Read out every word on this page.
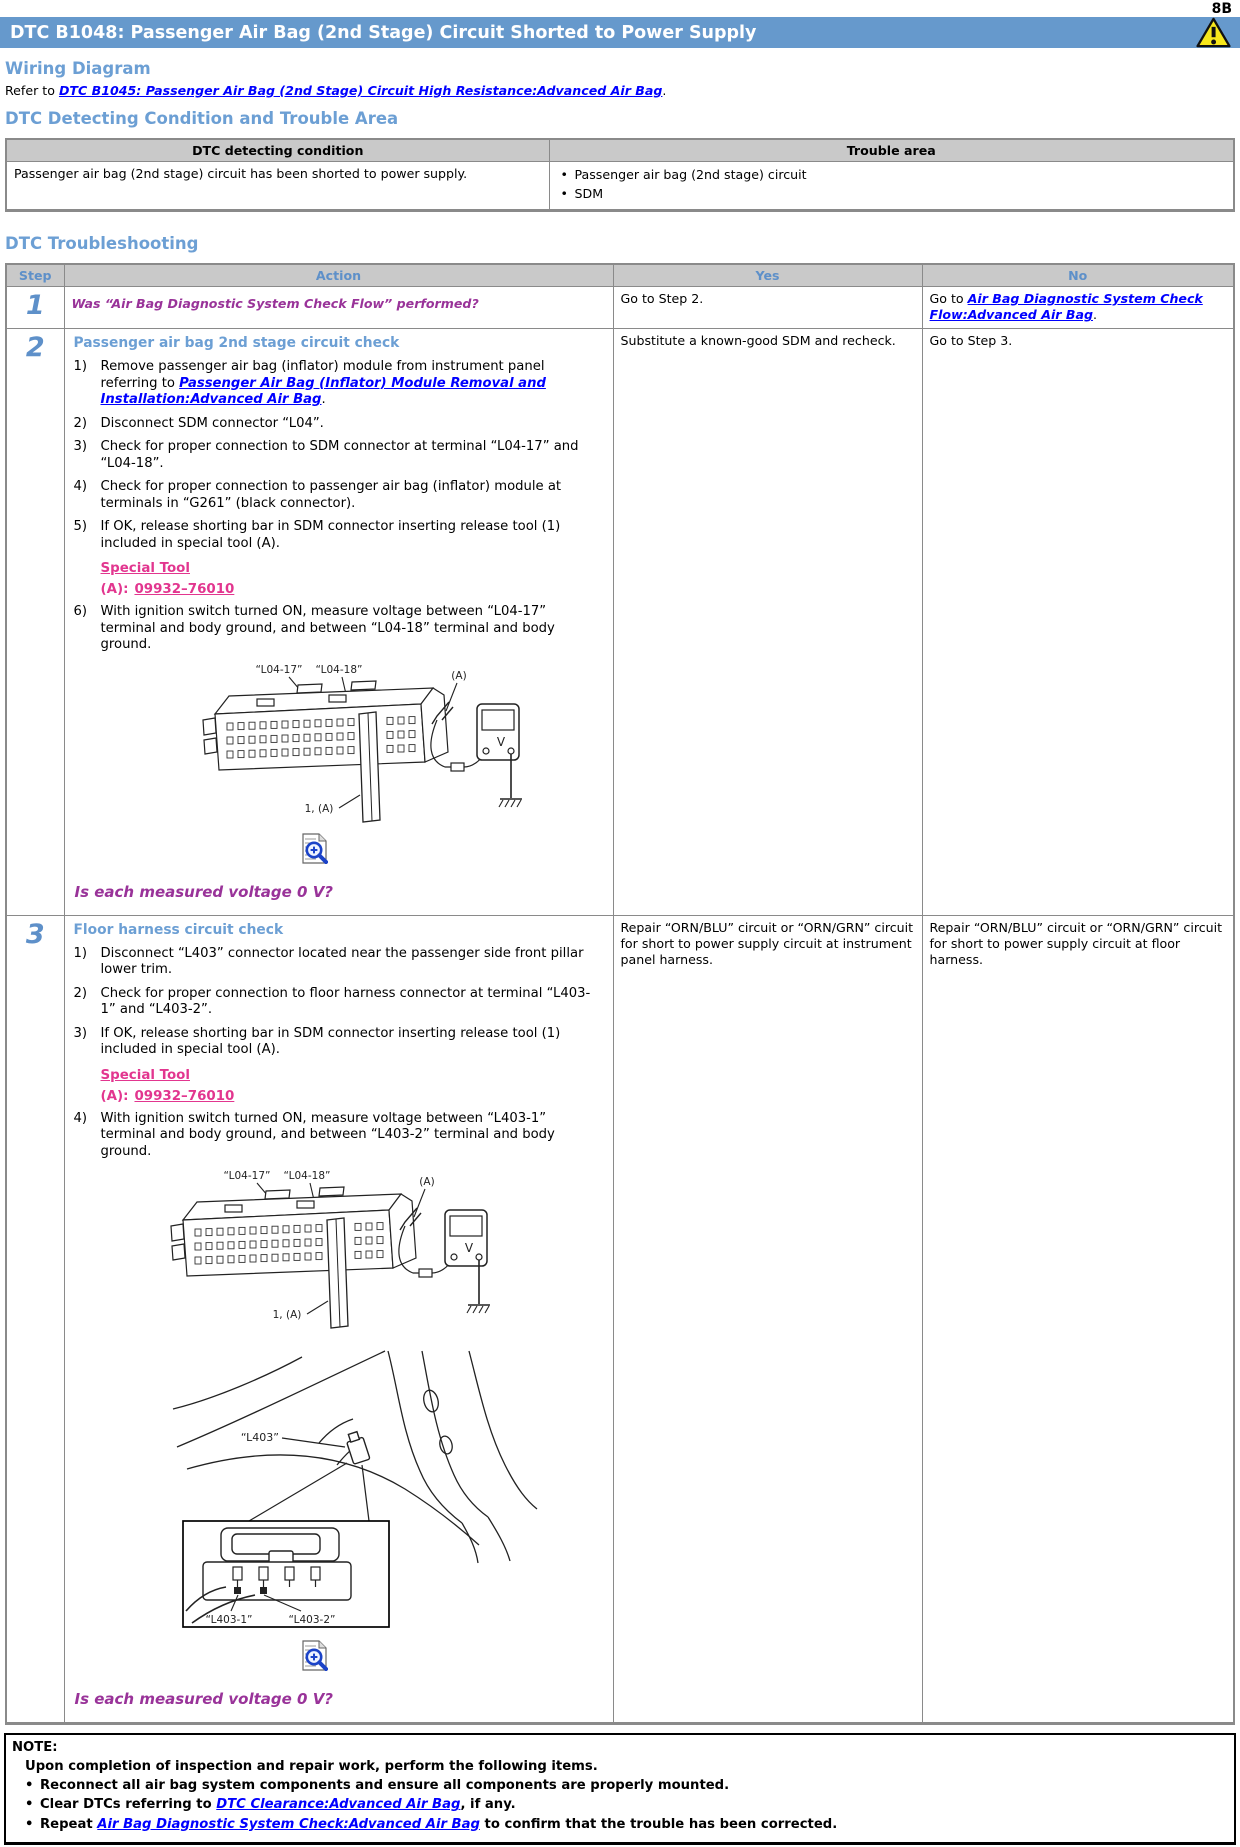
8B
DTC B1048: Passenger Air Bag (2nd Stage) Circuit Shorted to Power Supply
Wiring Diagram
Refer to DTC B1045: Passenger Air Bag (2nd Stage) Circuit High Resistance:Advanced Air Bag.
DTC Detecting Condition and Trouble Area
DTC detecting condition	Trouble area
Passenger air bag (2nd stage) circuit has been shorted to power supply.	
•Passenger air bag (2nd stage) circuit
• SDM
DTC Troubleshooting
Step	Action	Yes	No
1	Was “Air Bag Diagnostic System Check Flow” performed?	Go to Step 2.	Go to Air Bag Diagnostic System Check Flow:Advanced Air Bag.
2	Passenger air bag 2nd stage circuit check
1)	Remove passenger air bag (inflator) module from instrument panel referring to Passenger Air Bag (Inflator) Module Removal and Installation:Advanced Air Bag.
2)	Disconnect SDM connector “L04”.
3)	Check for proper connection to SDM connector at terminal “L04-17” and “L04-18”.
4)	Check for proper connection to passenger air bag (inflator) module at terminals in “G261” (black connector).
5)	If OK, release shorting bar in SDM connector inserting release tool (1) included in special tool (A).
Special Tool
(A): 09932–76010
6)	With ignition switch turned ON, measure voltage between “L04-17” terminal and body ground, and between “L04-18” terminal and body ground.
“L04-17” “L04-18”	(A)
1, (A)
V
Is each measured voltage 0 V?
	Substitute a known-good SDM and recheck.	Go to Step 3.
3	Floor harness circuit check
1)	Disconnect “L403” connector located near the passenger side front pillar lower trim.
2)	Check for proper connection to floor harness connector at terminal “L403-1” and “L403-2”.
3)	If OK, release shorting bar in SDM connector inserting release tool (1) included in special tool (A).
Special Tool
(A): 09932–76010
4)	With ignition switch turned ON, measure voltage between “L403-1” terminal and body ground, and between “L403-2” terminal and body ground.
“L04-17” “L04-18”	(A)
1, (A)
V
“L403”
“L403-1”	“L403-2”
Is each measured voltage 0 V?
	Repair “ORN/BLU” circuit or “ORN/GRN” circuit for short to power supply circuit at instrument panel harness.	Repair “ORN/BLU” circuit or “ORN/GRN” circuit for short to power supply circuit at floor harness.
NOTE:
Upon completion of inspection and repair work, perform the following items.
• Reconnect all air bag system components and ensure all components are properly mounted.
• Clear DTCs referring to DTC Clearance:Advanced Air Bag, if any.
• Repeat Air Bag Diagnostic System Check:Advanced Air Bag to confirm that the trouble has been corrected.
